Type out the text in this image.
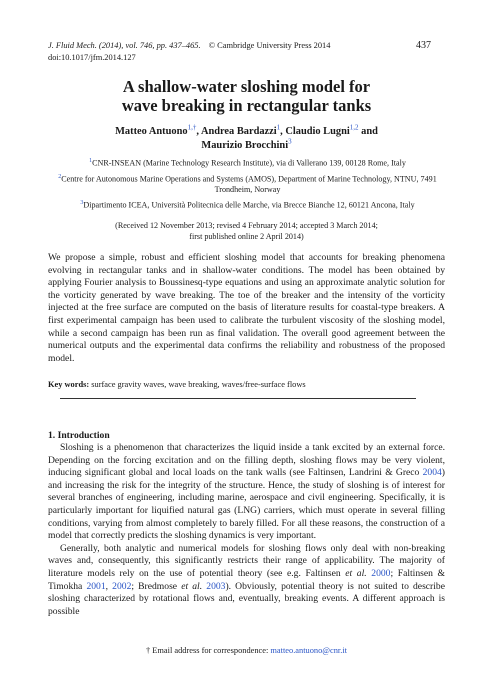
J. Fluid Mech. (2014), vol. 746, pp. 437–465. © Cambridge University Press 2014
doi:10.1017/jfm.2014.127
437
A shallow-water sloshing model for
wave breaking in rectangular tanks
Matteo Antuono$^{1,\dagger}$, Andrea Bardazzi$^1$, Claudio Lugni$^{1,2}$ and
Maurizio Brocchini$^3$
$^1$CNR-INSEAN (Marine Technology Research Institute), via di Vallerano 139, 00128 Rome, Italy
$^2$Centre for Autonomous Marine Operations and Systems (AMOS), Department of Marine Technology, NTNU, 7491 Trondheim, Norway
$^3$Dipartimento ICEA, Università Politecnica delle Marche, via Brecce Bianche 12, 60121 Ancona, Italy
(Received 12 November 2013; revised 4 February 2014; accepted 3 March 2014;
first published online 2 April 2014)
We propose a simple, robust and efficient sloshing model that accounts for breaking phenomena evolving in rectangular tanks and in shallow-water conditions. The model has been obtained by applying Fourier analysis to Boussinesq-type equations and using an approximate analytic solution for the vorticity generated by wave breaking. The toe of the breaker and the intensity of the vorticity injected at the free surface are computed on the basis of literature results for coastal-type breakers. A first experimental campaign has been used to calibrate the turbulent viscosity of the sloshing model, while a second campaign has been run as final validation. The overall good agreement between the numerical outputs and the experimental data confirms the reliability and robustness of the proposed model.
Key words: surface gravity waves, wave breaking, waves/free-surface flows
1. Introduction

Sloshing is a phenomenon that characterizes the liquid inside a tank excited by an external force. Depending on the forcing excitation and on the filling depth, sloshing flows may be very violent, inducing significant global and local loads on the tank walls (see Faltinsen, Landrini & Greco 2004) and increasing the risk for the integrity of the structure. Hence, the study of sloshing is of interest for several branches of engineering, including marine, aerospace and civil engineering. Specifically, it is particularly important for liquified natural gas (LNG) carriers, which must operate in several filling conditions, varying from almost completely to barely filled. For all these reasons, the construction of a model that correctly predicts the sloshing dynamics is very important.

Generally, both analytic and numerical models for sloshing flows only deal with non-breaking waves and, consequently, this significantly restricts their range of applicability. The majority of literature models rely on the use of potential theory (see e.g. Faltinsen et al. 2000; Faltinsen & Timokha 2001, 2002; Bredmose et al. 2003). Obviously, potential theory is not suited to describe sloshing characterized by rotational flows and, eventually, breaking events. A different approach is possible

† Email address for correspondence: matteo.antuono@cnr.it
